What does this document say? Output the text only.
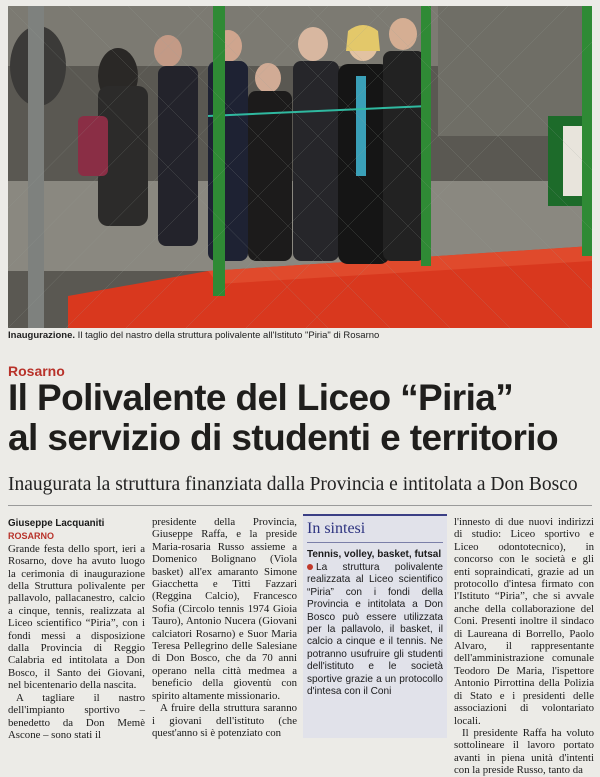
Inaugurazione. Il taglio del nastro della struttura polivalente all'Istituto "Piria" di Rosarno
Rosarno
Il Polivalente del Liceo “Piria”
al servizio di studenti e territorio
Inaugurata la struttura finanziata dalla Provincia e intitolata a Don Bosco

Giuseppe Lacquaniti

ROSARNO

Grande festa dello sport, ieri a Rosarno, dove ha avuto luogo la cerimonia di inaugurazione della Struttura polivalente per pallavolo, pallacanestro, calcio a cinque, tennis, realizzata al Liceo scientifico “Piria”, con i fondi messi a disposizione dalla Provincia di Reggio Calabria ed intitolata a Don Bosco, il Santo dei Giovani, nel bicentenario della nascita.

A tagliare il nastro dell'impianto sportivo – benedetto da Don Memè Ascone – sono stati il

presidente della Provincia, Giuseppe Raffa, e la preside Maria-rosaria Russo assieme a Domenico Bolignano (Viola basket) all'ex amaranto Simone Giacchetta e Titti Fazzari (Reggina Calcio), Francesco Sofia (Circolo tennis 1974 Gioia Tauro), Antonio Nucera (Giovani calciatori Rosarno) e Suor Maria Teresa Pellegrino delle Salesiane di Don Bosco, che da 70 anni operano nella città medmea a beneficio della gioventù con spirito altamente missionario.

A fruire della struttura saranno i giovani dell'istituto (che quest'anno si è potenziato con

In sintesi
Tennis, volley, basket, futsal
La struttura polivalente realizzata al Liceo scientifico “Piria” con i fondi della Provincia e intitolata a Don Bosco può essere utilizzata per la pallavolo, il basket, il calcio a cinque e il tennis. Ne potranno usufruire gli studenti dell'istituto e le società sportive grazie a un protocollo d'intesa con il Coni

l'innesto di due nuovi indirizzi di studio: Liceo sportivo e Liceo odontotecnico), in concorso con le società e gli enti sopraindicati, grazie ad un protocollo d'intesa firmato con l'Istituto “Piria”, che si avvale anche della collaborazione del Coni. Presenti inoltre il sindaco di Laureana di Borrello, Paolo Alvaro, il rappresentante dell'amministrazione comunale Teodoro De Maria, l'ispettore Antonio Pirrottina della Polizia di Stato e i presidenti delle associazioni di volontariato locali.

Il presidente Raffa ha voluto sottolineare il lavoro portato avanti in piena unità d'intenti con la preside Russo, tanto da
